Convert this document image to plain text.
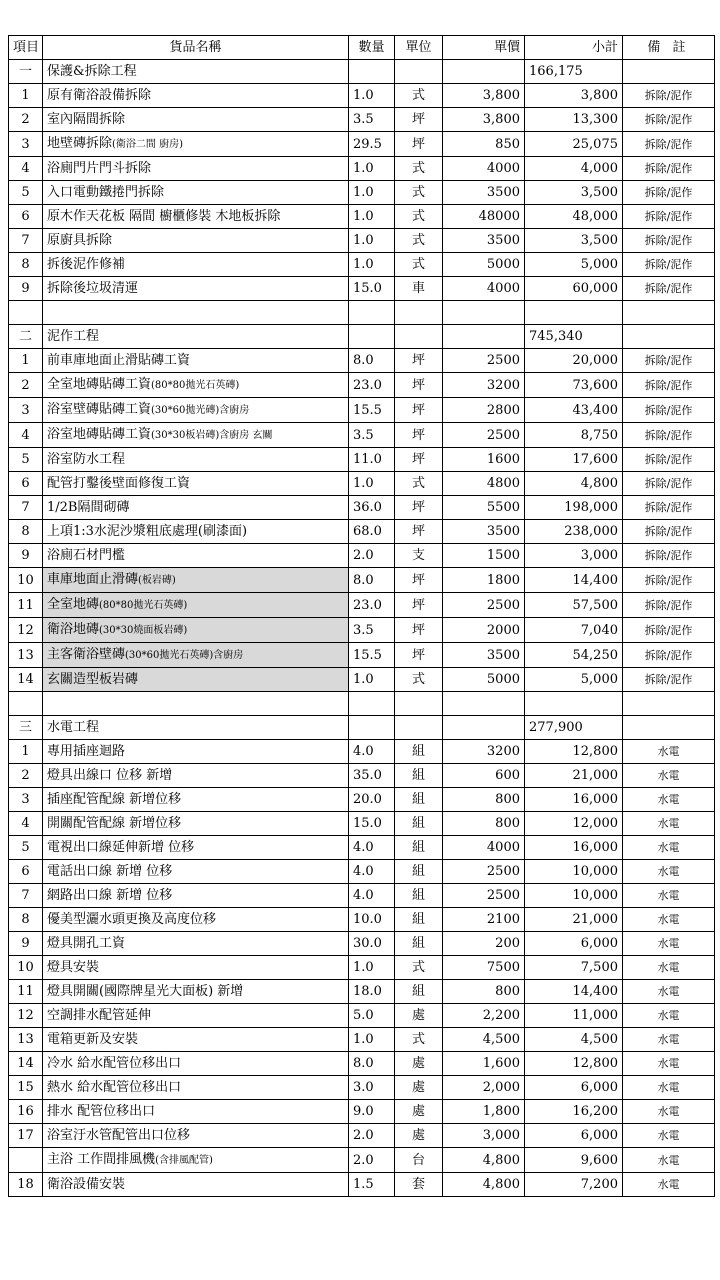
項目	貨品名稱	數量	單位	單價	小計	備 註
一	保護&拆除工程				166,175	
1	原有衛浴設備拆除	1.0	式	3,800	3,800	拆除/泥作
2	室內隔間拆除	3.5	坪	3,800	13,300	拆除/泥作
3	地壁磚拆除(衛浴二間 廚房)	29.5	坪	850	25,075	拆除/泥作
4	浴廁門片門斗拆除	1.0	式	4000	4,000	拆除/泥作
5	入口電動鐵捲門拆除	1.0	式	3500	3,500	拆除/泥作
6	原木作天花板 隔間 櫥櫃修裝 木地板拆除	1.0	式	48000	48,000	拆除/泥作
7	原廚具拆除	1.0	式	3500	3,500	拆除/泥作
8	拆後泥作修補	1.0	式	5000	5,000	拆除/泥作
9	拆除後垃圾清運	15.0	車	4000	60,000	拆除/泥作

二	泥作工程				745,340	
1	前車庫地面止滑貼磚工資	8.0	坪	2500	20,000	拆除/泥作
2	全室地磚貼磚工資(80*80拋光石英磚)	23.0	坪	3200	73,600	拆除/泥作
3	浴室壁磚貼磚工資(30*60拋光磚)含廚房	15.5	坪	2800	43,400	拆除/泥作
4	浴室地磚貼磚工資(30*30板岩磚)含廚房 玄關	3.5	坪	2500	8,750	拆除/泥作
5	浴室防水工程	11.0	坪	1600	17,600	拆除/泥作
6	配管打鑿後壁面修復工資	1.0	式	4800	4,800	拆除/泥作
7	1/2B隔間砌磚	36.0	坪	5500	198,000	拆除/泥作
8	上項1:3水泥沙漿粗底處理(刷漆面)	68.0	坪	3500	238,000	拆除/泥作
9	浴廁石材門檻	2.0	支	1500	3,000	拆除/泥作
10	車庫地面止滑磚(板岩磚)	8.0	坪	1800	14,400	拆除/泥作
11	全室地磚(80*80拋光石英磚)	23.0	坪	2500	57,500	拆除/泥作
12	衛浴地磚(30*30燒面板岩磚)	3.5	坪	2000	7,040	拆除/泥作
13	主客衛浴壁磚(30*60拋光石英磚)含廚房	15.5	坪	3500	54,250	拆除/泥作
14	玄關造型板岩磚	1.0	式	5000	5,000	拆除/泥作

三	水電工程				277,900	
1	專用插座迴路	4.0	組	3200	12,800	水電
2	燈具出線口 位移 新增	35.0	組	600	21,000	水電
3	插座配管配線 新增位移	20.0	組	800	16,000	水電
4	開關配管配線 新增位移	15.0	組	800	12,000	水電
5	電視出口線延伸新增 位移	4.0	組	4000	16,000	水電
6	電話出口線 新增 位移	4.0	組	2500	10,000	水電
7	網路出口線 新增 位移	4.0	組	2500	10,000	水電
8	優美型灑水頭更換及高度位移	10.0	組	2100	21,000	水電
9	燈具開孔工資	30.0	組	200	6,000	水電
10	燈具安裝	1.0	式	7500	7,500	水電
11	燈具開關(國際牌星光大面板) 新增	18.0	組	800	14,400	水電
12	空調排水配管延伸	5.0	處	2,200	11,000	水電
13	電箱更新及安裝	1.0	式	4,500	4,500	水電
14	冷水 給水配管位移出口	8.0	處	1,600	12,800	水電
15	熱水 給水配管位移出口	3.0	處	2,000	6,000	水電
16	排水 配管位移出口	9.0	處	1,800	16,200	水電
17	浴室汙水管配管出口位移	2.0	處	3,000	6,000	水電
	主浴 工作間排風機(含排風配管)	2.0	台	4,800	9,600	水電
18	衛浴設備安裝	1.5	套	4,800	7,200	水電
